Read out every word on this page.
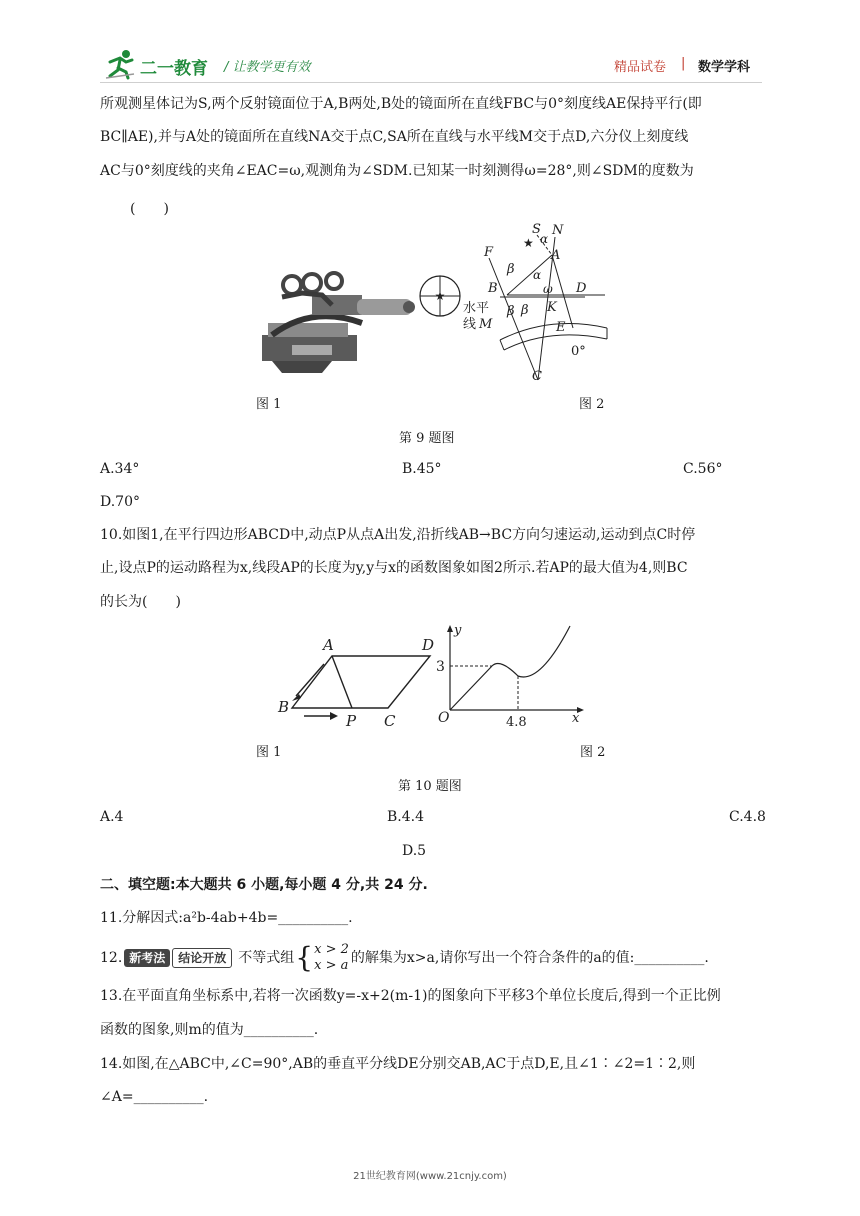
二一教育 / 让教学更有效	精品试卷 | 数学学科
所观测星体记为S,两个反射镜面位于A,B两处,B处的镜面所在直线FBC与0°刻度线AE保持平行(即
BC∥AE),并与A处的镜面所在直线NA交于点C,SA所在直线与水平线M交于点D,六分仪上刻度线
AC与0°刻度线的夹角∠EAC=ω,观测角为∠SDM.已知某一时刻测得ω=28°,则∠SDM的度数为
(　　)
★
★
S
α
N
F	A
β α
B	ω D
K
水平
线 M
β β
E
0°
C
图 1	图 2
第 9 题图
A.34°	B.45°	C.56°
D.70°
10.如图1,在平行四边形ABCD中,动点P从点A出发,沿折线AB→BC方向匀速运动,运动到点C时停
止,设点P的运动路程为x,线段AP的长度为y,y与x的函数图象如图2所示.若AP的最大值为4,则BC
的长为(　　)
A	D
B
P C
y
3
O	x
4.8
图 1	图 2
第 10 题图
A.4	B.4.4	C.4.8
D.5
二、填空题:本大题共 6 小题,每小题 4 分,共 24 分.
11.分解因式:a²b-4ab+4b=__________.
12. 新考法	结论开放 不等式组 { x > 2
x > a 的解集为x>a,请你写出一个符合条件的a的值:__________.
13.在平面直角坐标系中,若将一次函数y=-x+2(m-1)的图象向下平移3个单位长度后,得到一个正比例
函数的图象,则m的值为__________.
14.如图,在△ABC中,∠C=90°,AB的垂直平分线DE分别交AB,AC于点D,E,且∠1∶∠2=1∶2,则
∠A=__________.
21世纪教育网(www.21cnjy.com)
